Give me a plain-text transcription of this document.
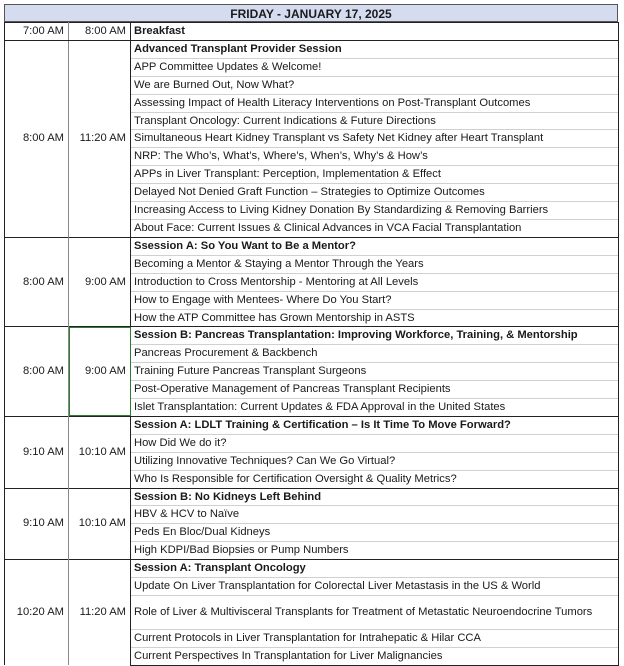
FRIDAY - JANUARY 17, 2025
7:00 AM	8:00 AM	Breakfast
8:00 AM	11:20 AM	Advanced Transplant Provider Session
		APP Committee Updates & Welcome!
		We are Burned Out, Now What?
		Assessing Impact of Health Literacy Interventions on Post-Transplant Outcomes
		Transplant Oncology: Current Indications & Future Directions
		Simultaneous Heart Kidney Transplant vs Safety Net Kidney after Heart Transplant
		NRP: The Who’s, What’s, Where’s, When’s, Why’s & How’s
		APPs in Liver Transplant: Perception, Implementation & Effect
		Delayed Not Denied Graft Function – Strategies to Optimize Outcomes
		Increasing Access to Living Kidney Donation By Standardizing & Removing Barriers
		About Face: Current Issues & Clinical Advances in VCA Facial Transplantation
8:00 AM	9:00 AM	Ssession A: So You Want to Be a Mentor?
		Becoming a Mentor & Staying a Mentor Through the Years
		Introduction to Cross Mentorship - Mentoring at All Levels
		How to Engage with Mentees- Where Do You Start?
		How the ATP Committee has Grown Mentorship in ASTS
8:00 AM	9:00 AM	Session B: Pancreas Transplantation: Improving Workforce, Training, & Mentorship
		Pancreas Procurement & Backbench
		Training Future Pancreas Transplant Surgeons
		Post-Operative Management of Pancreas Transplant Recipients
		Islet Transplantation: Current Updates & FDA Approval in the United States
9:10 AM	10:10 AM	Session A: LDLT Training & Certification – Is It Time To Move Forward?
		How Did We do it?
		Utilizing Innovative Techniques? Can We Go Virtual?
		Who Is Responsible for Certification Oversight & Quality Metrics?
9:10 AM	10:10 AM	Session B: No Kidneys Left Behind
		HBV & HCV to Naïve
		Peds En Bloc/Dual Kidneys
		High KDPI/Bad Biopsies or Pump Numbers
10:20 AM	11:20 AM	Session A: Transplant Oncology
		Update On Liver Transplantation for Colorectal Liver Metastasis in the US & World
		Role of Liver & Multivisceral Transplants for Treatment of Metastatic Neuroendocrine Tumors
		Current Protocols in Liver Transplantation for Intrahepatic & Hilar CCA
		Current Perspectives In Transplantation for Liver Malignancies
